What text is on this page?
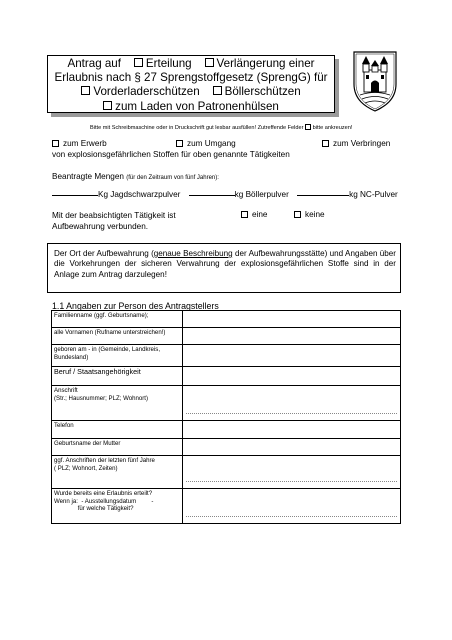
Antrag auf Erteilung Verlängerung einer
Erlaubnis nach § 27 Sprengstoffgesetz (SprengG) für
Vorderladerschützen Böllerschützen
zum Laden von Patronenhülsen
Bitte mit Schreibmaschine oder in Druckschrift gut lesbar ausfüllen! Zutreffende Felder bitte ankreuzen!
zum Erwerb	zum Umgang	zum Verbringen
von explosionsgefährlichen Stoffen für oben genannte Tätigkeiten
Beantragte Mengen (für den Zeitraum von fünf Jahren):
Kg Jagdschwarzpulver	kg Böllerpulver	kg NC-Pulver
Mit der beabsichtigten Tätigkeit ist
Aufbewahrung verbunden.
eine	keine
Der Ort der Aufbewahrung (genaue Beschreibung der Aufbewahrungsstätte) und Angaben über die Vorkehrungen der sicheren Verwahrung der explosionsgefährlichen Stoffe sind in der Anlage zum Antrag darzulegen!
1.1 Angaben zur Person des Antragstellers
Familienname (ggf. Geburtsname);	
alle Vornamen (Rufname unterstreichen!)	
geboren am - in (Gemeinde, Landkreis, Bundesland)	
Beruf / Staatsangehörigkeit	
Anschrift
(Str.; Hausnummer; PLZ; Wohnort)	

Telefon	
Geburtsname der Mutter	
ggf. Anschriften der letzten fünf Jahre
( PLZ; Wohnort, Zeiten)	

Wurde bereits eine Erlaubnis erteilt?
Wenn ja:  - Ausstellungsdatum         -
für welche Tätigkeit?	
